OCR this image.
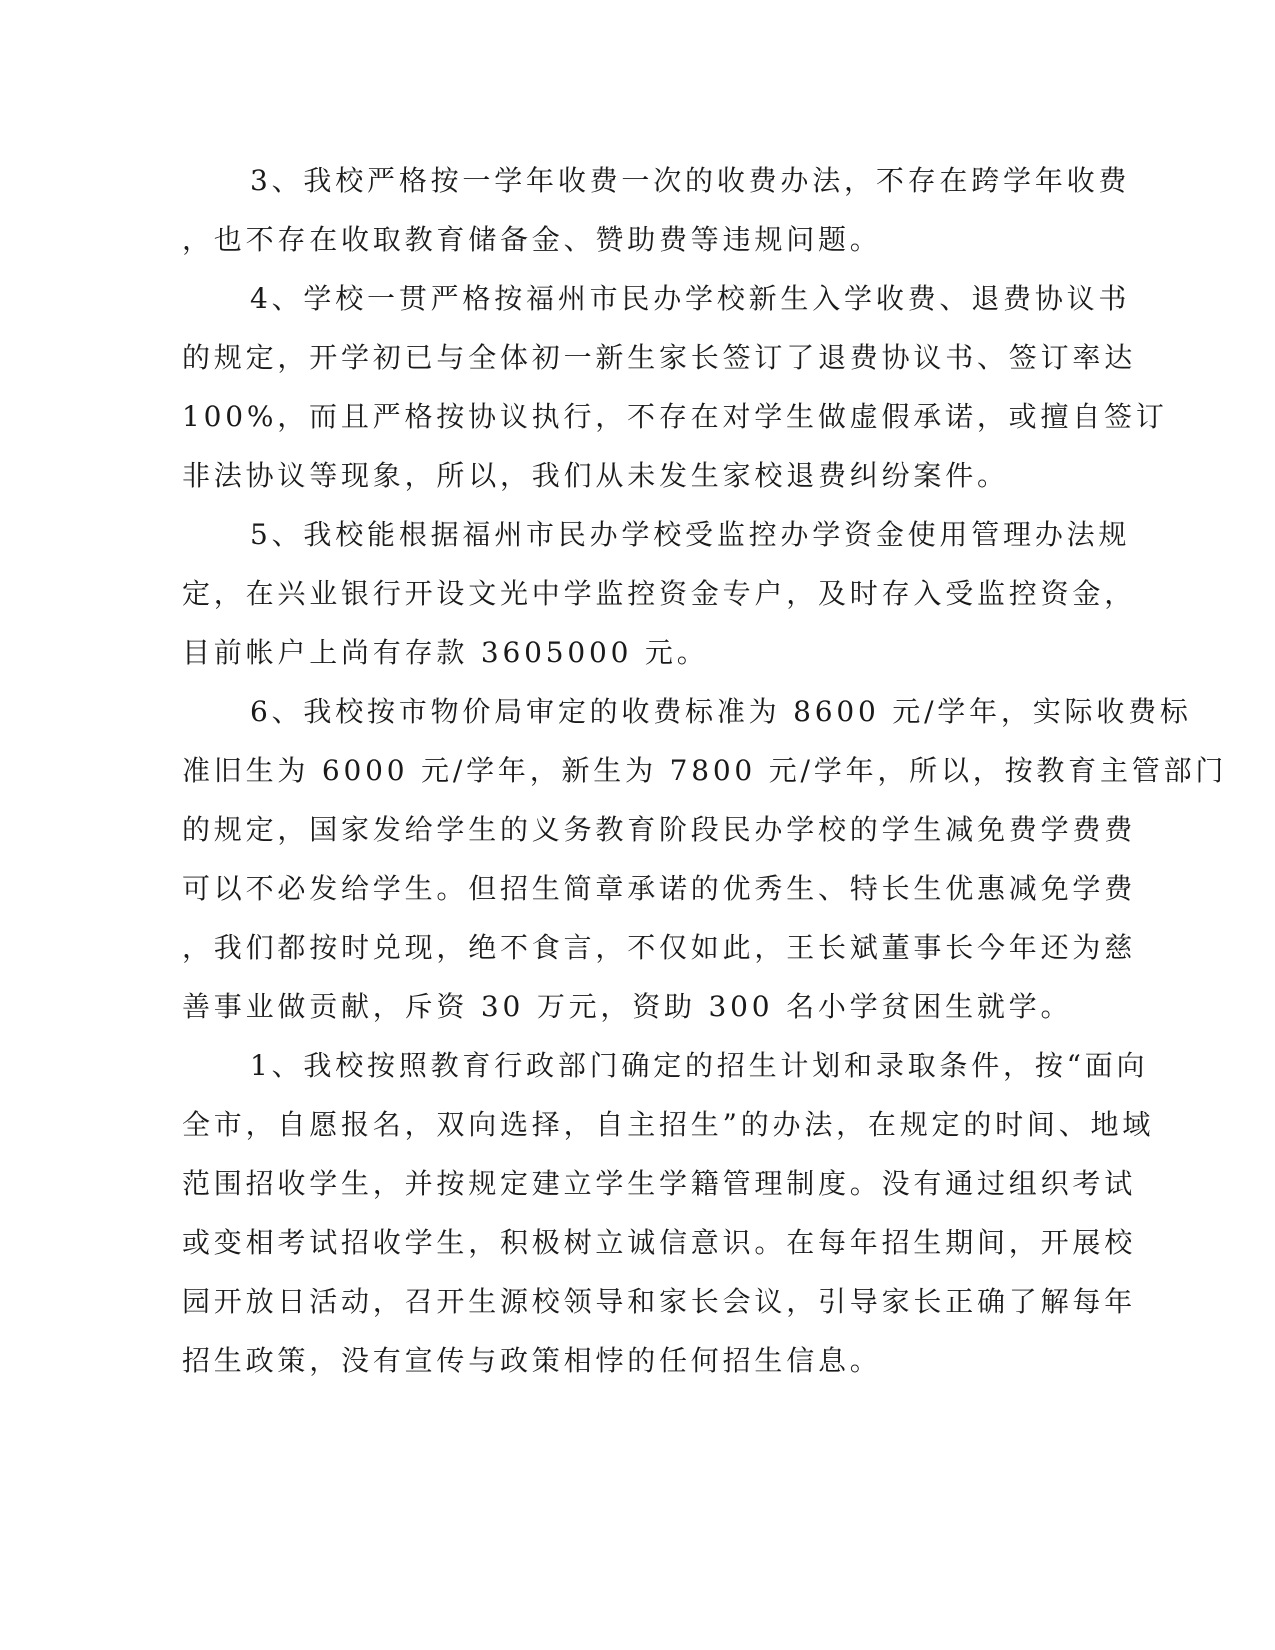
3、我校严格按一学年收费一次的收费办法，不存在跨学年收费
，也不存在收取教育储备金、赞助费等违规问题。
4、学校一贯严格按福州市民办学校新生入学收费、退费协议书
的规定，开学初已与全体初一新生家长签订了退费协议书、签订率达
100%，而且严格按协议执行，不存在对学生做虚假承诺，或擅自签订
非法协议等现象，所以，我们从未发生家校退费纠纷案件。
5、我校能根据福州市民办学校受监控办学资金使用管理办法规
定，在兴业银行开设文光中学监控资金专户，及时存入受监控资金，
目前帐户上尚有存款 3605000 元。
6、我校按市物价局审定的收费标准为 8600 元/学年，实际收费标
准旧生为 6000 元/学年，新生为 7800 元/学年，所以，按教育主管部门
的规定，国家发给学生的义务教育阶段民办学校的学生减免费学费费
可以不必发给学生。但招生简章承诺的优秀生、特长生优惠减免学费
，我们都按时兑现，绝不食言，不仅如此，王长斌董事长今年还为慈
善事业做贡献，斥资 30 万元，资助 300 名小学贫困生就学。
1、我校按照教育行政部门确定的招生计划和录取条件，按“面向
全市，自愿报名，双向选择，自主招生”的办法，在规定的时间、地域
范围招收学生，并按规定建立学生学籍管理制度。没有通过组织考试
或变相考试招收学生，积极树立诚信意识。在每年招生期间，开展校
园开放日活动，召开生源校领导和家长会议，引导家长正确了解每年
招生政策，没有宣传与政策相悖的任何招生信息。
